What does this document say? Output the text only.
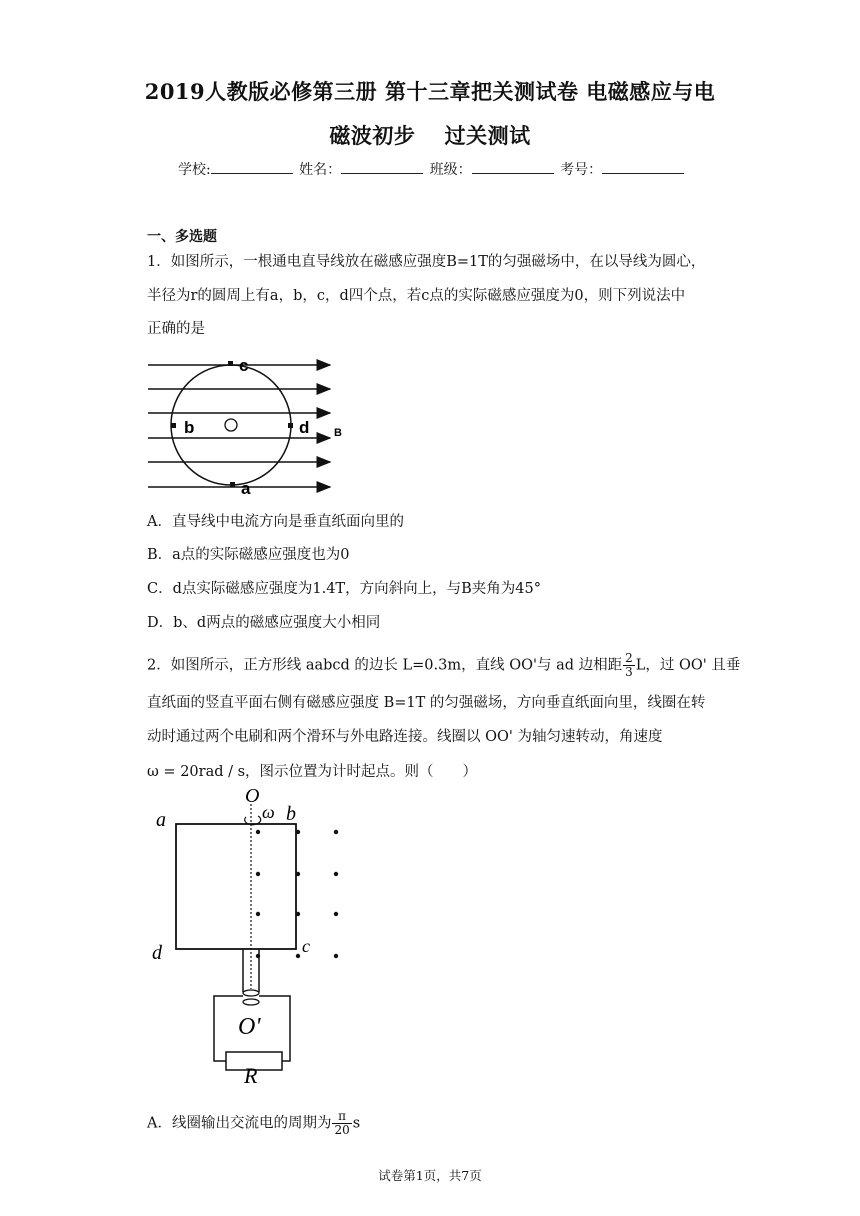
2019人教版必修第三册 第十三章把关测试卷 电磁感应与电
磁波初步　 过关测试
学校:	姓名：	班级：	考号：
一、多选题
1．如图所示，一根通电直导线放在磁感应强度B=1T的匀强磁场中，在以导线为圆心，
半径为r的圆周上有a，b，c，d四个点，若c点的实际磁感应强度为0，则下列说法中
正确的是
c
b	d
a
B
A．直导线中电流方向是垂直纸面向里的
B．a点的实际磁感应强度也为0
C．d点实际磁感应强度为1.4T，方向斜向上，与B夹角为45°
D．b、d两点的磁感应强度大小相同
2．如图所示，正方形线 aabcd 的边长 L=0.3m，直线 OO'与 ad 边相距 $\frac{2}{3}$ L，过 OO' 且垂
直纸面的竖直平面右侧有磁感应强度 B=1T 的匀强磁场，方向垂直纸面向里，线圈在转
动时通过两个电刷和两个滑环与外电路连接。线圈以 OO' 为轴匀速转动，角速度
ω = 20rad / s，图示位置为计时起点。则（　　）
O
ω
a	b
d	c
O'
R
A．线圈输出交流电的周期为 $\frac{\pi}{20}$ s
试卷第1页，共7页
